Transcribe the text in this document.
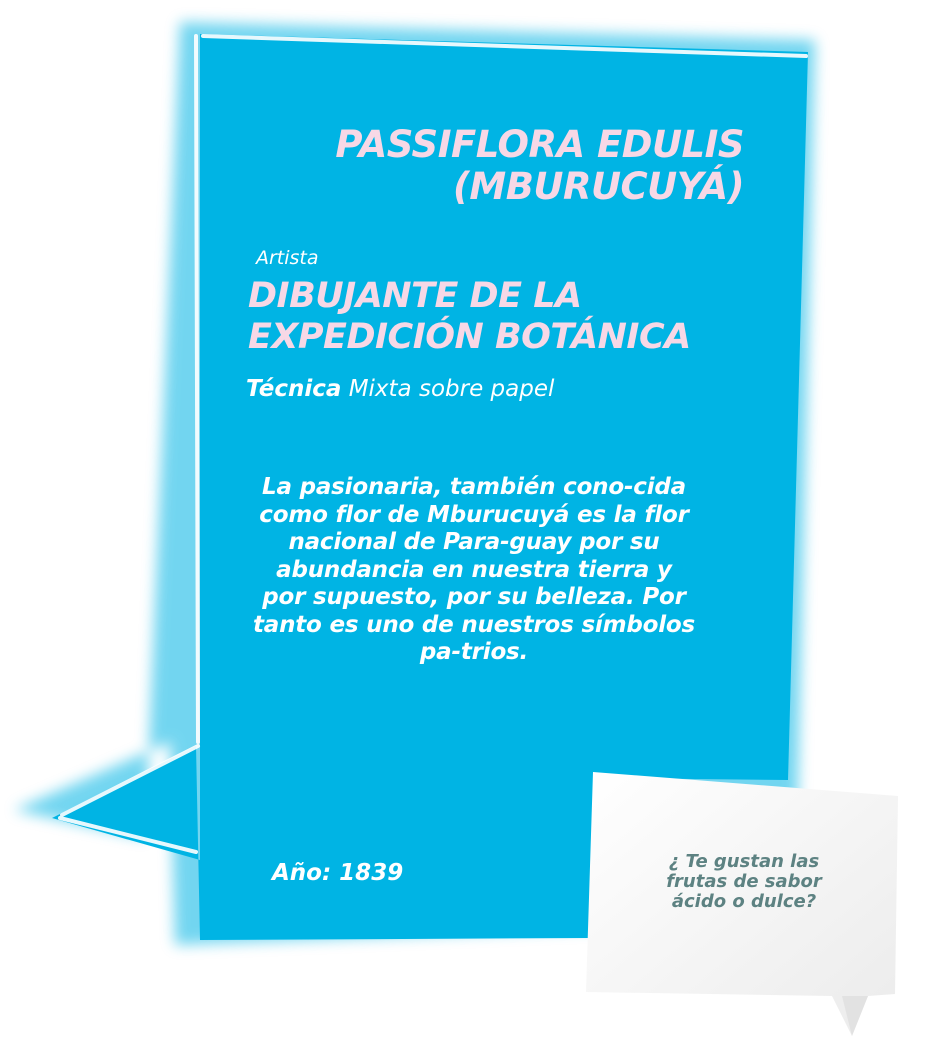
PASSIFLORA EDULIS (MBURUCUYÁ)
Artista
DIBUJANTE DE LA EXPEDICIÓN BOTÁNICA
Técnica Mixta sobre papel
La pasionaria, también cono-cida como flor de Mburucuyá es la flor nacional de Para-guay por su abundancia en nuestra tierra y por supuesto, por su belleza. Por tanto es uno de nuestros símbolos pa-trios.
Año: 1839	¿ Te gustan las frutas de sabor ácido o dulce?
